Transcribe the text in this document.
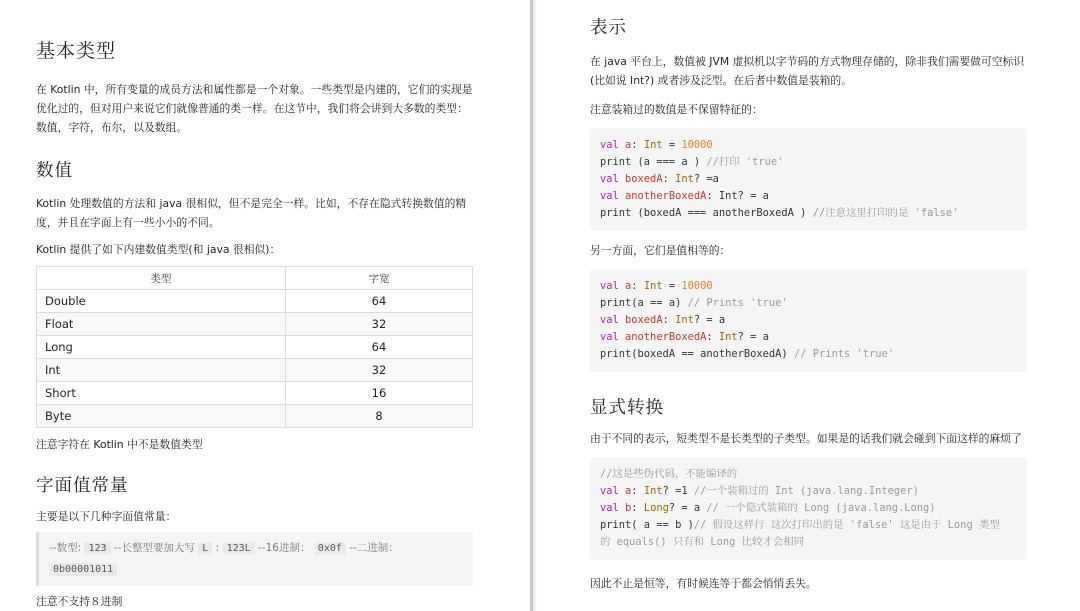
基本类型

在 Kotlin 中，所有变量的成员方法和属性都是一个对象。一些类型是内建的，它们的实现是优化过的，但对用户来说它们就像普通的类一样。在这节中，我们将会讲到大多数的类型：数值，字符，布尔，以及数组。

数值

Kotlin 处理数值的方法和 java 很相似，但不是完全一样。比如，不存在隐式转换数值的精度，并且在字面上有一些小小的不同。

Kotlin 提供了如下内建数值类型(和 java 很相似)：

类型	字宽
Double	64
Float	32
Long	64
Int	32
Short	16
Byte	8

注意字符在 Kotlin 中不是数值类型

字面值常量

主要是以下几种字面值常量：

--数型: 123 --长整型要加大写 L : 123L --16进制： 0x0f --二进制： 0b00001011

注意不支持８进制

表示

在 java 平台上，数值被 JVM 虚拟机以字节码的方式物理存储的，除非我们需要做可空标识(比如说 Int?) 或者涉及泛型。在后者中数值是装箱的。

注意装箱过的数值是不保留特征的：

val a: Int = 10000
print (a === a ) //打印 'true'
val boxedA: Int? =a
val anotherBoxedA: Int? = a
print (boxedA === anotherBoxedA ) //注意这里打印的是 'false'

另一方面，它们是值相等的：

val a: Int = 10000
print(a == a) // Prints 'true'
val boxedA: Int? = a
val anotherBoxedA: Int? = a
print(boxedA == anotherBoxedA) // Prints 'true'
显式转换

由于不同的表示，短类型不是长类型的子类型。如果是的话我们就会碰到下面这样的麻烦了

//这是些伪代码，不能编译的
val a: Int? =1 //一个装箱过的 Int (java.lang.Integer)
val b: Long? = a // 一个隐式装箱的 Long (java.lang.Long)
print( a == b )// 假设这样行 这次打印出的是 'false' 这是由于 Long 类型
的 equals() 只有和 Long 比较才会相同

因此不止是恒等，有时候连等于都会悄悄丢失。
